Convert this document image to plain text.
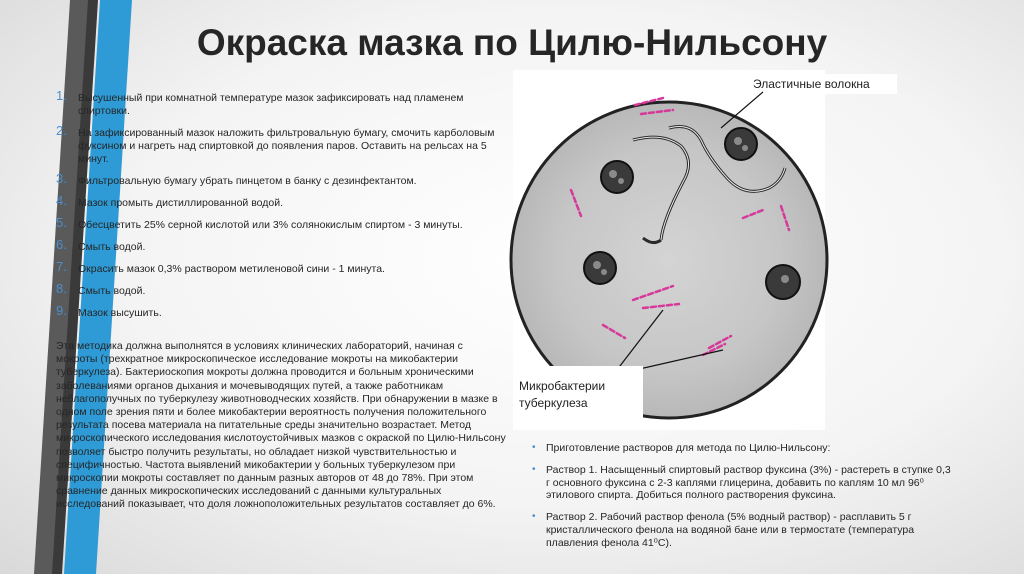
Окраска мазка по Цилю-Нильсону
1. Высушенный при комнатной температуре мазок зафиксировать над пламенем спиртовки.
2. На зафиксированный мазок наложить фильтровальную бумагу, смочить карболовым фуксином и нагреть над спиртовкой до появления паров. Оставить на рельсах на 5 минут.
3. Фильтровальную бумагу убрать пинцетом в банку с дезинфектантом.
4. Мазок промыть дистиллированной водой.
5. Обесцветить 25% серной кислотой или 3% солянокислым спиртом - 3 минуты.
6. Смыть водой.
7. Окрасить мазок 0,3% раствором метиленовой сини - 1 минута.
8. Смыть водой.
9. Мазок высушить.
Эта методика должна выполнятся в условиях клинических лабораторий, начиная с мокроты (трехкратное микроскопическое исследование мокроты на микобактерии туберкулеза). Бактериоскопия мокроты должна проводится и больным хроническими заболеваниями органов дыхания и мочевыводящих путей, а также работникам неблагополучных по туберкулезу животноводческих хозяйств. При обнаружении в мазке в одном поле зрения пяти и более микобактерии вероятность получения положительного результата посева материала на питательные среды значительно возрастает. Метод микроскопического исследования кислотоустойчивых мазков с окраской по Цилю-Нильсону позволяет быстро получить результаты, но обладает низкой чувствительностью и специфичностью. Частота выявлений микобактерии у больных туберкулезом при микроскопии мокроты составляет по данным разных авторов от 48 до 78%. При этом сравнение данных микроскопических исследований с данными культуральных исследований показывает, что доля ложноположительных результатов составляет до 6%.
Эластичные волокна
Микробактерии
туберкулеза
• Приготовление растворов для метода по Цилю-Нильсону:
• Раствор 1. Насыщенный спиртовый раствор фуксина (3%) - растереть в ступке 0,3 г основного фуксина с 2-3 каплями глицерина, добавить по каплям 10 мл 96⁰ этилового спирта. Добиться полного растворения фуксина.
• Раствор 2. Рабочий раствор фенола (5% водный раствор) - расплавить 5 г кристаллического фенола на водяной бане или в термостате (температура плавления фенола 41⁰С).
